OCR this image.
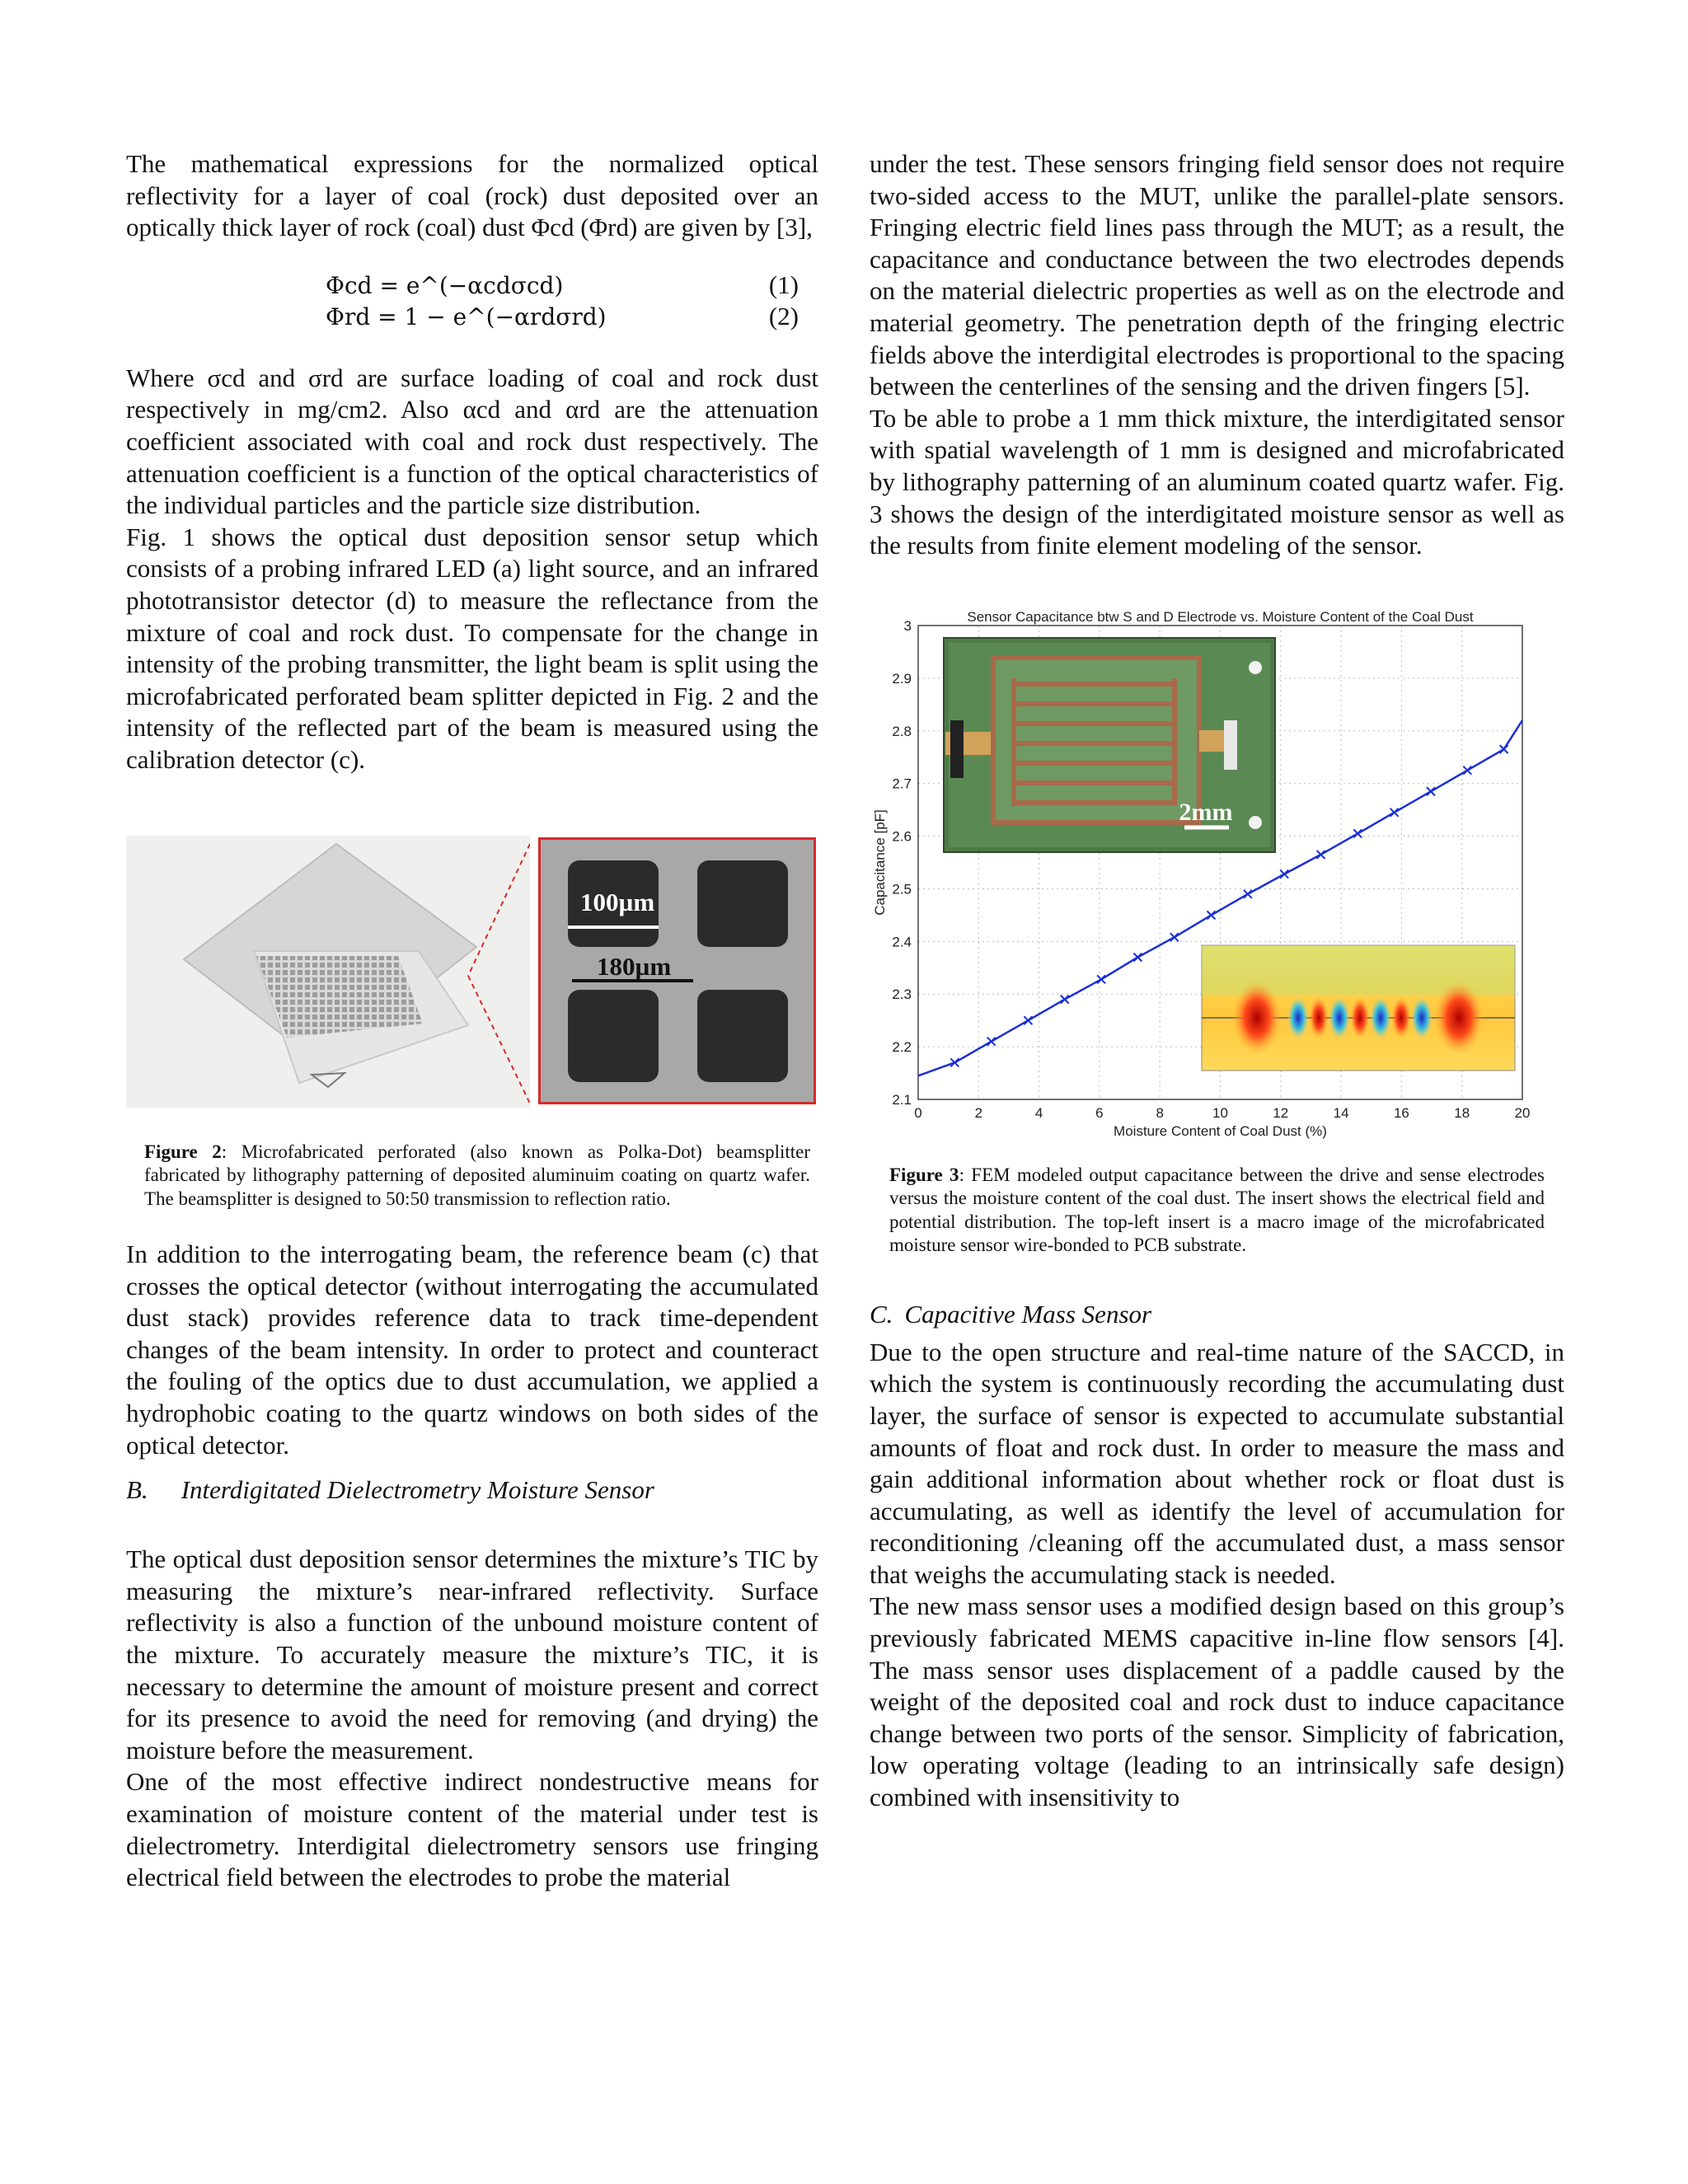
The mathematical expressions for the normalized optical reflectivity for a layer of coal (rock) dust deposited over an optically thick layer of rock (coal) dust Φcd (Φrd) are given by [3],

Φcd = e^(−αcdσcd)	(1)
Φrd = 1 − e^(−αrdσrd)	(2)

Where σcd and σrd are surface loading of coal and rock dust respectively in mg/cm2. Also αcd and αrd are the attenuation coefficient associated with coal and rock dust respectively. The attenuation coefficient is a function of the optical characteristics of the individual particles and the particle size distribution.

Fig. 1 shows the optical dust deposition sensor setup which consists of a probing infrared LED (a) light source, and an infrared phototransistor detector (d) to measure the reflectance from the mixture of coal and rock dust. To compensate for the change in intensity of the probing transmitter, the light beam is split using the microfabricated perforated beam splitter depicted in Fig. 2 and the intensity of the reflected part of the beam is measured using the calibration detector (c).

100µm
180µm

Figure 2: Microfabricated perforated (also known as Polka-Dot) beamsplitter fabricated by lithography patterning of deposited aluminuim coating on quartz wafer. The beamsplitter is designed to 50:50 transmission to reflection ratio.

In addition to the interrogating beam, the reference beam (c) that crosses the optical detector (without interrogating the accumulated dust stack) provides reference data to track time-dependent changes of the beam intensity. In order to protect and counteract the fouling of the optics due to dust accumulation, we applied a hydrophobic coating to the quartz windows on both sides of the optical detector.

B. Interdigitated Dielectrometry Moisture Sensor

The optical dust deposition sensor determines the mixture’s TIC by measuring the mixture’s near-infrared reflectivity. Surface reflectivity is also a function of the unbound moisture content of the mixture. To accurately measure the mixture’s TIC, it is necessary to determine the amount of moisture present and correct for its presence to avoid the need for removing (and drying) the moisture before the measurement.

One of the most effective indirect nondestructive means for examination of moisture content of the material under test is dielectrometry. Interdigital dielectrometry sensors use fringing electrical field between the electrodes to probe the material

under the test. These sensors fringing field sensor does not require two-sided access to the MUT, unlike the parallel-plate sensors. Fringing electric field lines pass through the MUT; as a result, the capacitance and conductance between the two electrodes depends on the material dielectric properties as well as on the electrode and material geometry. The penetration depth of the fringing electric fields above the interdigital electrodes is proportional to the spacing between the centerlines of the sensing and the driven fingers [5].

To be able to probe a 1 mm thick mixture, the interdigitated sensor with spatial wavelength of 1 mm is designed and microfabricated by lithography patterning of an aluminum coated quartz wafer. Fig. 3 shows the design of the interdigitated moisture sensor as well as the results from finite element modeling of the sensor.

0	2	4	6	8	10	12	14	16	18	20
2.1
2.2
2.3
2.4
2.5
2.6
2.7
2.8
2.9
3
Sensor Capacitance btw S and D Electrode vs. Moisture Content of the Coal Dust
Moisture Content of Coal Dust (%)
Capacitance [pF]	2mm

Figure 3: FEM modeled output capacitance between the drive and sense electrodes versus the moisture content of the coal dust. The insert shows the electrical field and potential distribution. The top-left insert is a macro image of the microfabricated moisture sensor wire-bonded to PCB substrate.

C. Capacitive Mass Sensor

Due to the open structure and real-time nature of the SACCD, in which the system is continuously recording the accumulating dust layer, the surface of sensor is expected to accumulate substantial amounts of float and rock dust. In order to measure the mass and gain additional information about whether rock or float dust is accumulating, as well as identify the level of accumulation for reconditioning /cleaning off the accumulated dust, a mass sensor that weighs the accumulating stack is needed.

The new mass sensor uses a modified design based on this group’s previously fabricated MEMS capacitive in-line flow sensors [4]. The mass sensor uses displacement of a paddle caused by the weight of the deposited coal and rock dust to induce capacitance change between two ports of the sensor. Simplicity of fabrication, low operating voltage (leading to an intrinsically safe design) combined with insensitivity to
